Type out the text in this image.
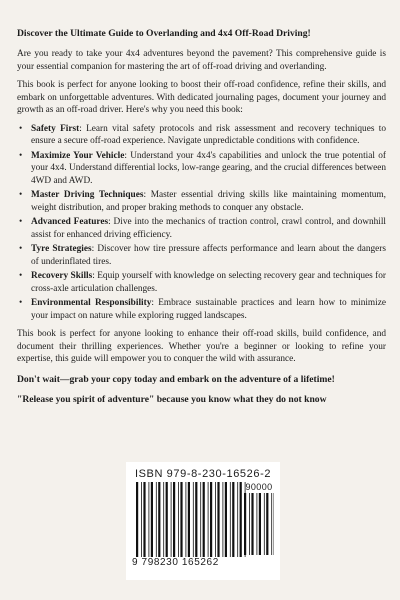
Discover the Ultimate Guide to Overlanding and 4x4 Off-Road Driving!

Are you ready to take your 4x4 adventures beyond the pavement? This comprehensive guide is your essential companion for mastering the art of off-road driving and overlanding.

This book is perfect for anyone looking to boost their off-road confidence, refine their skills, and embark on unforgettable adventures. With dedicated journaling pages, document your journey and growth as an off-road driver. Here's why you need this book:

• Safety First: Learn vital safety protocols and risk assessment and recovery techniques to ensure a secure off-road experience. Navigate unpredictable conditions with confidence.
• Maximize Your Vehicle: Understand your 4x4's capabilities and unlock the true potential of your 4x4. Understand differential locks, low-range gearing, and the crucial differences between 4WD and AWD.
• Master Driving Techniques: Master essential driving skills like maintaining momentum, weight distribution, and proper braking methods to conquer any obstacle.
• Advanced Features: Dive into the mechanics of traction control, crawl control, and downhill assist for enhanced driving efficiency.
• Tyre Strategies: Discover how tire pressure affects performance and learn about the dangers of underinflated tires.
• Recovery Skills: Equip yourself with knowledge on selecting recovery gear and techniques for cross-axle articulation challenges.
• Environmental Responsibility: Embrace sustainable practices and learn how to minimize your impact on nature while exploring rugged landscapes.

This book is perfect for anyone looking to enhance their off-road skills, build confidence, and document their thrilling experiences. Whether you're a beginner or looking to refine your expertise, this guide will empower you to conquer the wild with assurance.

Don't wait—grab your copy today and embark on the adventure of a lifetime!
"Release you spirit of adventure" because you know what they do not know
ISBN 979-8-230-16526-2
90000
9 798230 165262
